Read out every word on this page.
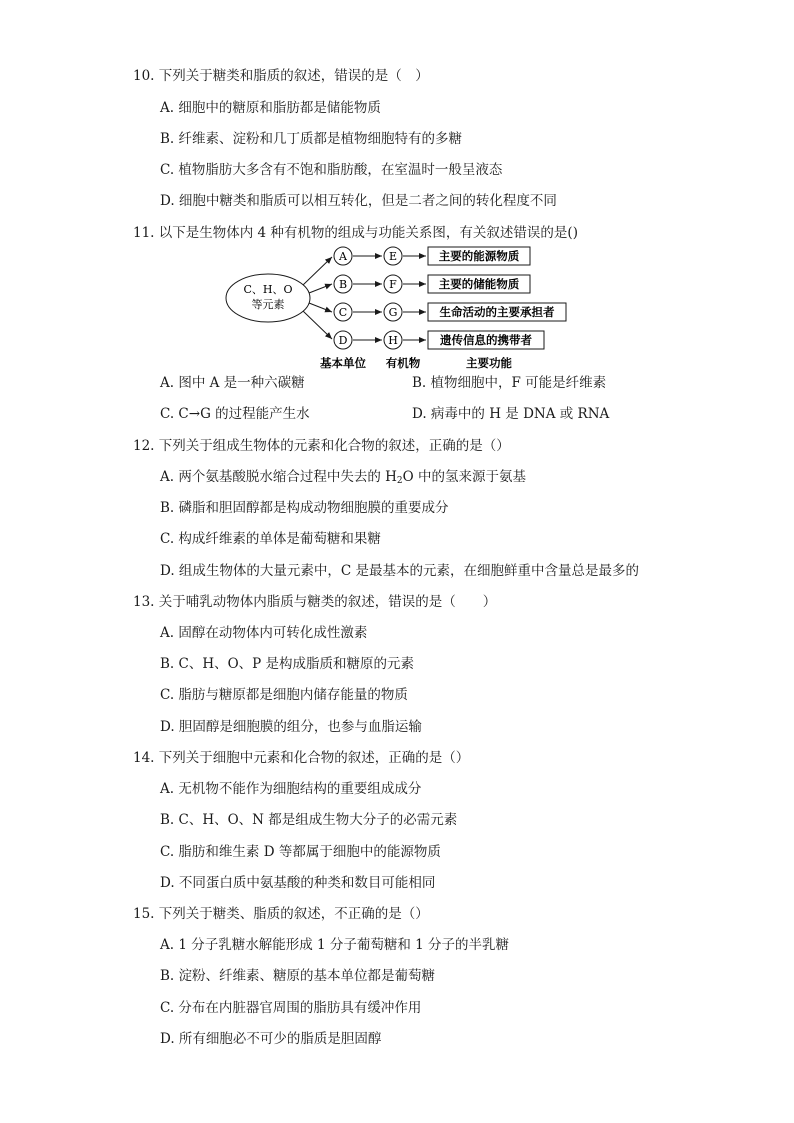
10. 下列关于糖类和脂质的叙述，错误的是（　）
A. 细胞中的糖原和脂肪都是储能物质
B. 纤维素、淀粉和几丁质都是植物细胞特有的多糖
C. 植物脂肪大多含有不饱和脂肪酸，在室温时一般呈液态
D. 细胞中糖类和脂质可以相互转化，但是二者之间的转化程度不同
11. 以下是生物体内 4 种有机物的组成与功能关系图，有关叙述错误的是()
C、H、O
等元素
A	E	主要的能源物质
B	F	主要的储能物质
C	G	生命活动的主要承担者
D	H	遗传信息的携带者
基本单位 有机物	主要功能
A. 图中 A 是一种六碳糖	B. 植物细胞中，F 可能是纤维素
C. C→G 的过程能产生水	D. 病毒中的 H 是 DNA 或 RNA
12. 下列关于组成生物体的元素和化合物的叙述，正确的是（）
A. 两个氨基酸脱水缩合过程中失去的 $H_2O$ 中的氢来源于氨基
B. 磷脂和胆固醇都是构成动物细胞膜的重要成分
C. 构成纤维素的单体是葡萄糖和果糖
D. 组成生物体的大量元素中，C 是最基本的元素，在细胞鲜重中含量总是最多的
13. 关于哺乳动物体内脂质与糖类的叙述，错误的是（　　）
A. 固醇在动物体内可转化成性激素
B. C、H、O、P 是构成脂质和糖原的元素
C. 脂肪与糖原都是细胞内储存能量的物质
D. 胆固醇是细胞膜的组分，也参与血脂运输
14. 下列关于细胞中元素和化合物的叙述，正确的是（）
A. 无机物不能作为细胞结构的重要组成成分
B. C、H、O、N 都是组成生物大分子的必需元素
C. 脂肪和维生素 D 等都属于细胞中的能源物质
D. 不同蛋白质中氨基酸的种类和数目可能相同
15. 下列关于糖类、脂质的叙述，不正确的是（）
A. 1 分子乳糖水解能形成 1 分子葡萄糖和 1 分子的半乳糖
B. 淀粉、纤维素、糖原的基本单位都是葡萄糖
C. 分布在内脏器官周围的脂肪具有缓冲作用
D. 所有细胞必不可少的脂质是胆固醇
